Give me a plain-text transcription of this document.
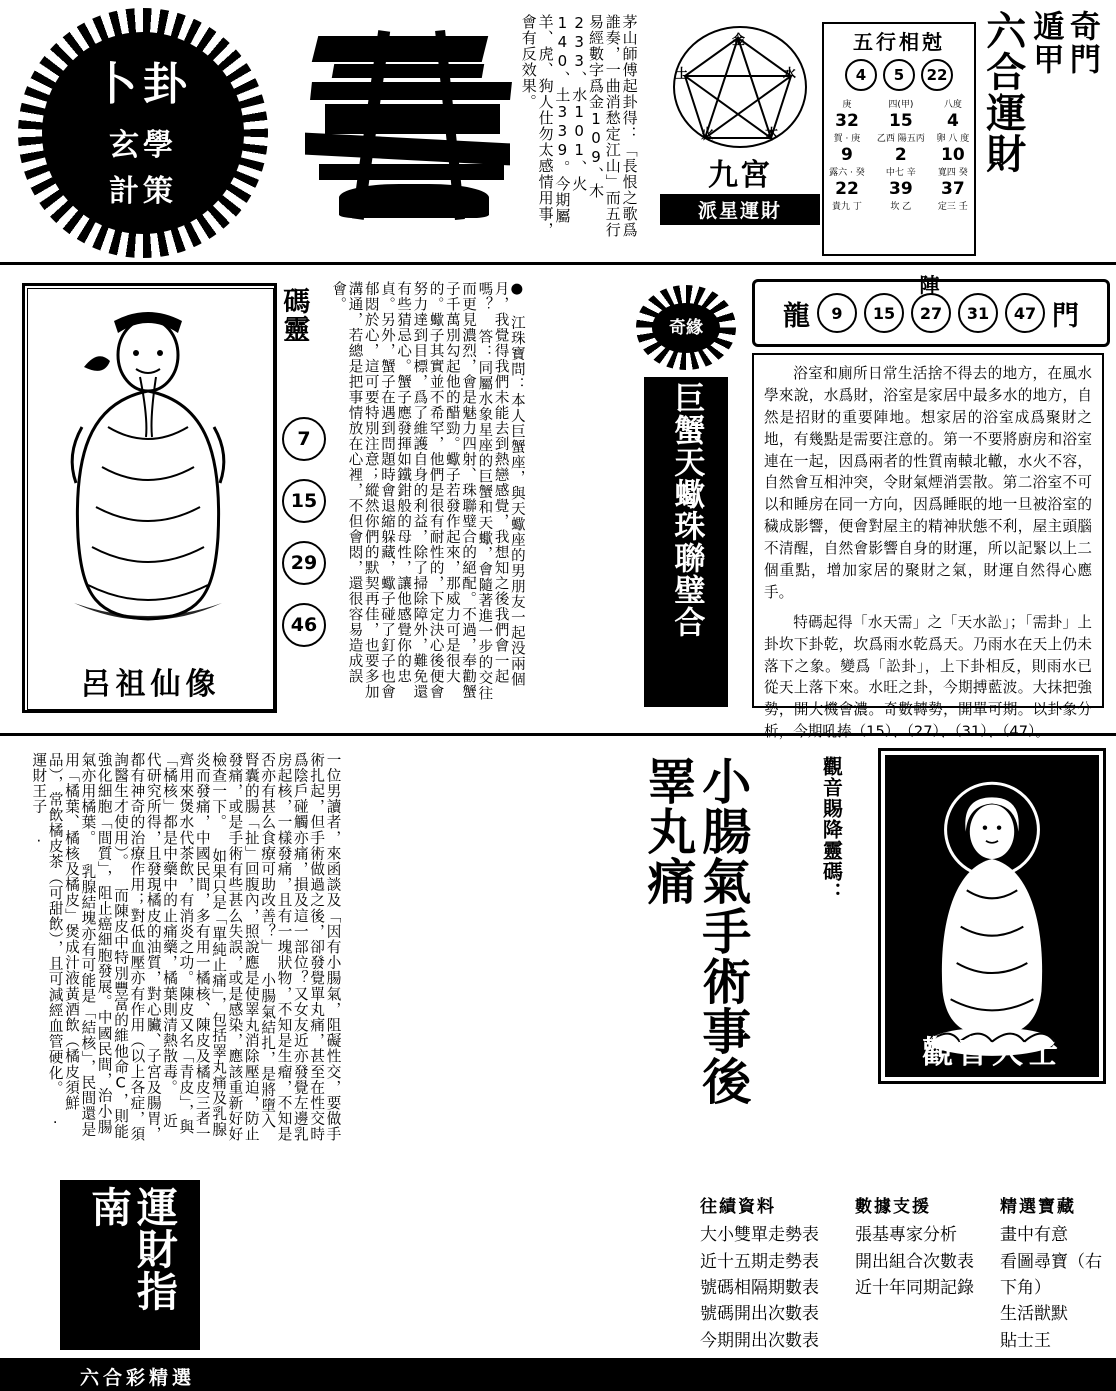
卜卦
玄學
計策	茅山師傅起卦得：「長恨之歌爲誰奏，一曲消愁定江山」而五行易經數字爲金109、木233、水101、火140、土339。今期屬羊、虎、狗人仕勿太感情用事，會有反效果。	金
水
木
火
土
九宮
派星運財
五行相尅
4	5	22
庚	四(甲)	八度
32	15	4
賀 · 庚	乙西 陽五丙	卵 八 度
9	2	10
露六 · 癸	中七 辛	寬四 癸
22	39	37
貴九 丁	坎 乙	定三 壬
六合運財 遁甲 奇門
呂祖仙像
碼靈
7
15
29
46	● 江珠寶問：本人巨蟹座，與天蠍座的男朋友一起没兩個月，我覺得我們未能去到熱戀感覺，我想知之後我們會一起嗎？ 答：同屬水象星座的巨蟹和天蠍，會隨著進一步的交往而更見濃烈，會是魅力四射、珠聯璧合的絕配。不過，奉勸蟹子千萬別勾起他的醋勁。蠍子若發作起來，那威力可是很大的。蠍子其實並不希罕，他們是很有耐性的，下定決心後便會努力達到目標，爲了維護自身的利益，除了掃除障外，難免還有些猜忌心。蟹子應發揮如鐵鉗般的母性，讓他感覺你的忠貞。另外，蟹子在遇到問題時會退縮躲藏，蠍子碰了釘子也會郁悶於心，這可要特別注意；縱然你們的默契再佳，也要多加溝通，若總是把事情放在心裡，不但會悶，還很容易造成誤會。
奇緣
巨蟹天蠍珠聯璧合
陣
龍	9	15	27	31	47 門

浴室和廁所日常生活捨不得去的地方，在風水學來說，水爲財，浴室是家居中最多水的地方，自然是招財的重要陣地。想家居的浴室成爲聚財之地，有幾點是需要注意的。第一不要將廚房和浴室連在一起，因爲兩者的性質南轅北轍，水火不容，自然會互相沖突，令財氣煙消雲散。第二浴室不可以和睡房在同一方向，因爲睡眠的地一旦被浴室的穢成影響，便會對屋主的精神狀態不利，屋主頭腦不清醒，自然會影響自身的財運，所以記緊以上二個重點，增加家居的聚財之氣，財運自然得心應手。

特碼起得「水天需」之「天水訟」；「需卦」上卦坎下卦乾，坎爲雨水乾爲天。乃雨水在天上仍未落下之象。變爲「訟卦」，上下卦相反，則雨水已從天上落下來。水旺之卦，今期搏藍波。大抹把強勢，開大機會濃。奇數轉勢，開單可期。以卦象分析，今期吼捧（15）、（27）、（31）、（47）。

一位男讀者，來函談及「因有小腸氣，阻礙性交，要做手術扎起，但手術做過之後，卻發覺單丸痛，甚至在性交時爲陰戶碰觸亦痛，損及這一部位？又女友近亦發覺左邊乳房起核，一樣發痛，且有一塊狀物，不知是生瘤，不知是否亦有甚么食療可助改善？」 小腸氣結扎，是將墮入腎囊的腸「扯」回腹內，照說應是使睪丸消除壓迫，防止發痛，或是手術有些甚么失誤，或是感染，應該重新好好檢查一下。 如果只是「單純止痛」，包括睪丸痛及乳腺炎而發痛，中國民間，多有用一橘核、陳皮及橘皮三者一齊用來煲水代茶飲，有消炎之功。陳皮又名「青皮」，與「橘核」都是中藥中的止痛藥，橘葉則清熱散毒。 近代研究所得，且發現橘皮的油質，對心臟、子宮及腸胃，都有神奇的治療作用；對低血壓亦有作用（以上各症，須詢醫生才使用）。 而陳皮中特別豐富的維他命C，則能強化細胞「間質」，阻止癌細胞發展。中國民間，治小腸氣亦用橘葉。 乳腺結塊亦有可能是「結核」，民間還是用「橘葉、橘核及橘皮」煲成汁液黃酒飲（橘皮須鮮品），常飲橘皮茶（可甜飲），且可減經血管硬化。 · 運財王子 ·	小腸氣手術事後睪丸痛	觀音賜降靈碼：
觀音大士
運財指南	往績資料
大小雙單走勢表
近十五期走勢表
號碼相隔期數表
號碼開出次數表
今期開出次數表
數據支援
張基專家分析
開出組合次數表
近十年同期記錄
精選寶藏
畫中有意
看圖尋寶（右下角）
生活獣默
貼士王
六合彩精選
